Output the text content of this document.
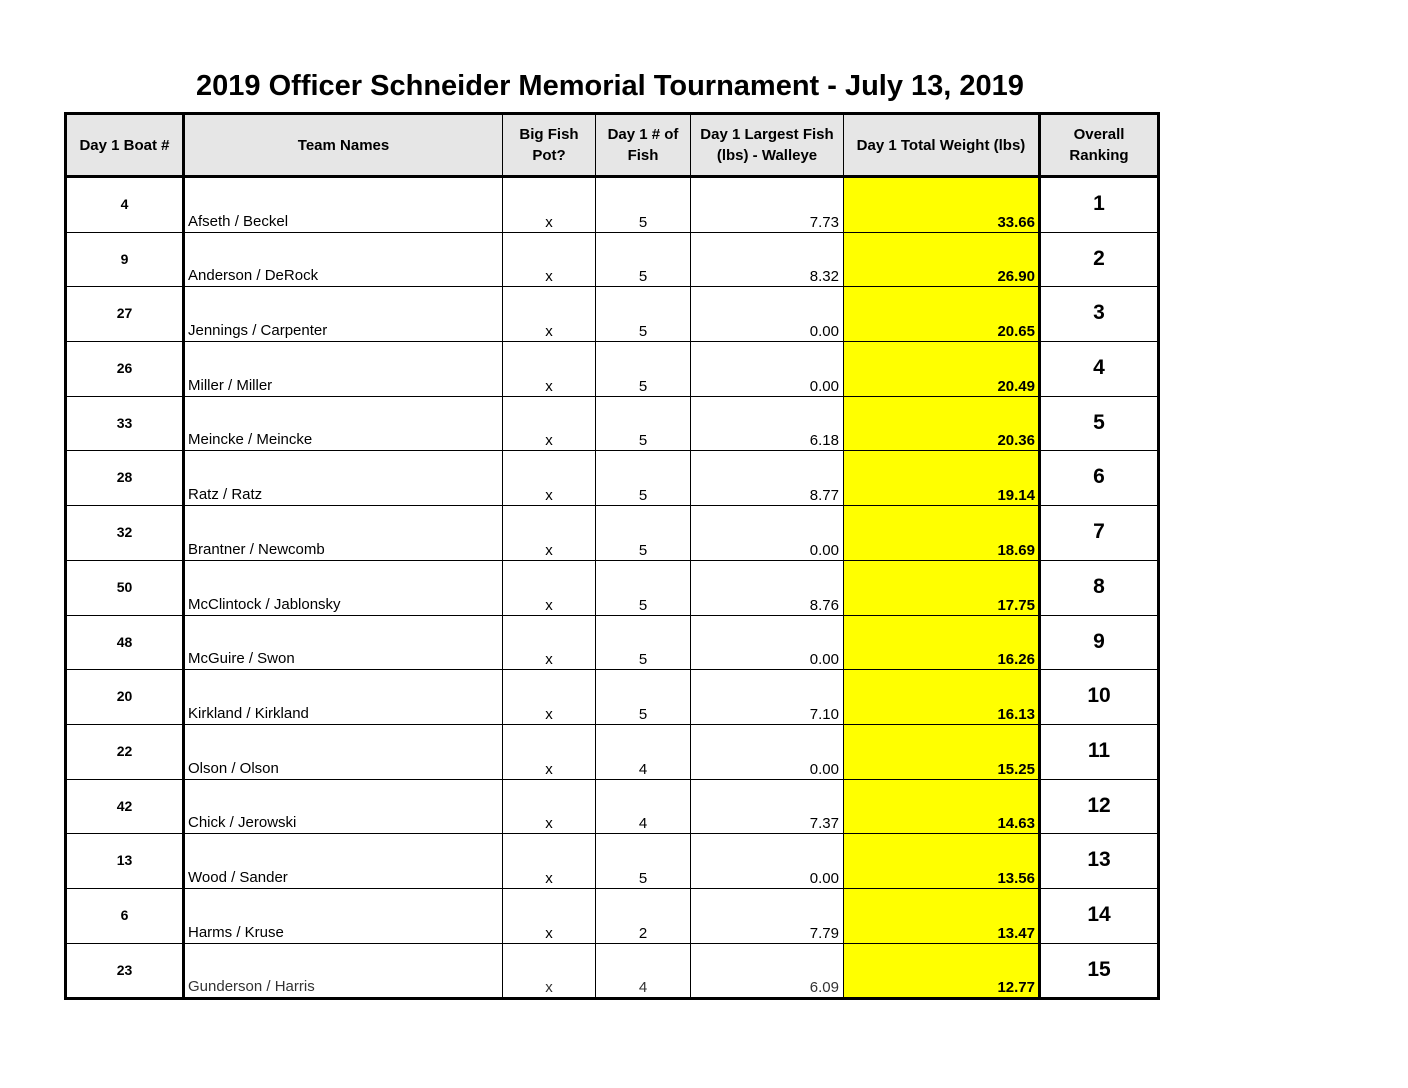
2019 Officer Schneider Memorial Tournament - July 13, 2019
Day 1 Boat #	Team Names	Big Fish Pot?	Day 1 # of Fish	Day 1 Largest Fish (lbs) - Walleye	Day 1 Total Weight (lbs)	Overall Ranking

4	Afseth / Beckel	x	5	7.73	33.66	1

9	Anderson / DeRock	x	5	8.32	26.90	2

27	Jennings / Carpenter	x	5	0.00	20.65	3

26	Miller / Miller	x	5	0.00	20.49	4

33	Meincke / Meincke	x	5	6.18	20.36	5

28	Ratz / Ratz	x	5	8.77	19.14	6

32	Brantner / Newcomb	x	5	0.00	18.69	7

50	McClintock / Jablonsky	x	5	8.76	17.75	8

48	McGuire / Swon	x	5	0.00	16.26	9

20	Kirkland / Kirkland	x	5	7.10	16.13	10

22	Olson / Olson	x	4	0.00	15.25	11

42	Chick / Jerowski	x	4	7.37	14.63	12

13	Wood / Sander	x	5	0.00	13.56	13

6	Harms / Kruse	x	2	7.79	13.47	14

23	Gunderson / Harris	x	4	6.09	12.77	15
